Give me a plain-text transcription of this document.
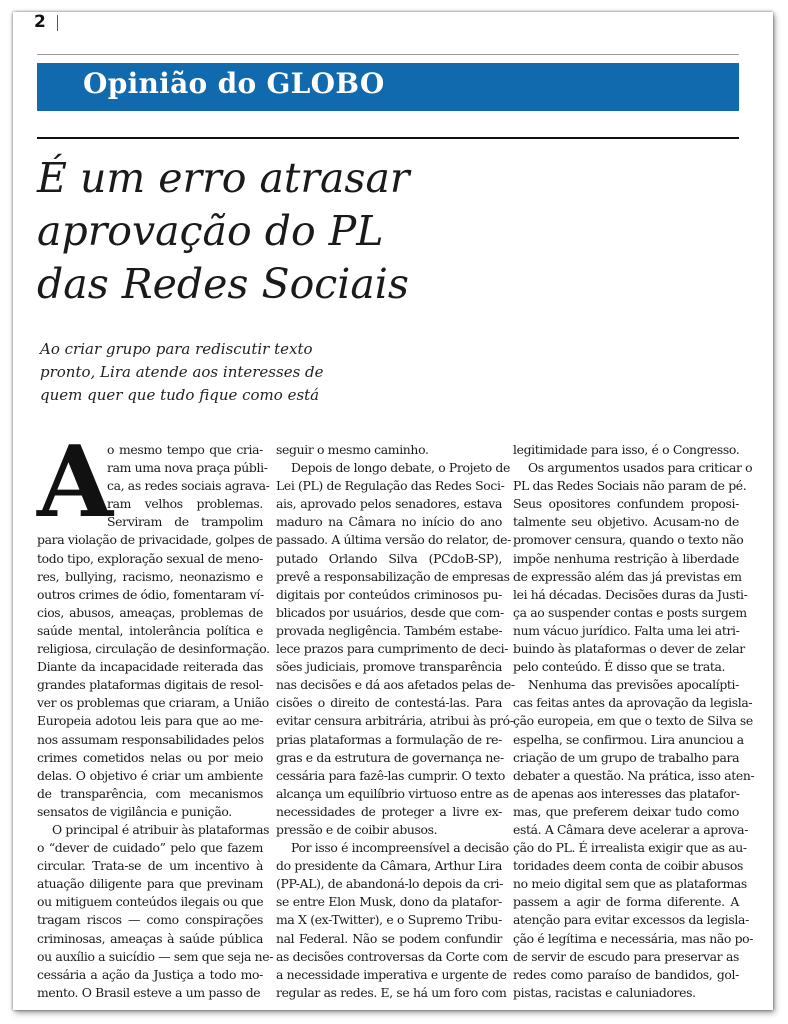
2
Opinião do GLOBO
É um erro atrasar
aprovação do PL
das Redes Sociais
Ao criar grupo para rediscutir texto
pronto, Lira atende aos interesses de
quem quer que tudo fique como está
A

o mesmo tempo que cria-
ram uma nova praça públi-
ca, as redes sociais agrava-
ram velhos problemas.
Serviram de trampolim
para violação de privacidade, golpes de
todo tipo, exploração sexual de meno-
res, bullying, racismo, neonazismo e
outros crimes de ódio, fomentaram ví-
cios, abusos, ameaças, problemas de
saúde mental, intolerância política e
religiosa, circulação de desinformação.
Diante da incapacidade reiterada das
grandes plataformas digitais de resol-
ver os problemas que criaram, a União
Europeia adotou leis para que ao me-
nos assumam responsabilidades pelos
crimes cometidos nelas ou por meio
delas. O objetivo é criar um ambiente
de transparência, com mecanismos
sensatos de vigilância e punição.

O principal é atribuir às plataformas
o “dever de cuidado” pelo que fazem
circular. Trata-se de um incentivo à
atuação diligente para que previnam
ou mitiguem conteúdos ilegais ou que
tragam riscos — como conspirações
criminosas, ameaças à saúde pública
ou auxílio a suicídio — sem que seja ne-
cessária a ação da Justiça a todo mo-
mento. O Brasil esteve a um passo de

seguir o mesmo caminho.

Depois de longo debate, o Projeto de
Lei (PL) de Regulação das Redes Soci-
ais, aprovado pelos senadores, estava
maduro na Câmara no início do ano
passado. A última versão do relator, de-
putado Orlando Silva (PCdoB-SP),
prevê a responsabilização de empresas
digitais por conteúdos criminosos pu-
blicados por usuários, desde que com-
provada negligência. Também estabe-
lece prazos para cumprimento de deci-
sões judiciais, promove transparência
nas decisões e dá aos afetados pelas de-
cisões o direito de contestá-las. Para
evitar censura arbitrária, atribui às pró-
prias plataformas a formulação de re-
gras e da estrutura de governança ne-
cessária para fazê-las cumprir. O texto
alcança um equilíbrio virtuoso entre as
necessidades de proteger a livre ex-
pressão e de coibir abusos.

Por isso é incompreensível a decisão
do presidente da Câmara, Arthur Lira
(PP-AL), de abandoná-lo depois da cri-
se entre Elon Musk, dono da platafor-
ma X (ex-Twitter), e o Supremo Tribu-
nal Federal. Não se podem confundir
as decisões controversas da Corte com
a necessidade imperativa e urgente de
regular as redes. E, se há um foro com

legitimidade para isso, é o Congresso.

Os argumentos usados para criticar o
PL das Redes Sociais não param de pé.
Seus opositores confundem proposi-
talmente seu objetivo. Acusam-no de
promover censura, quando o texto não
impõe nenhuma restrição à liberdade
de expressão além das já previstas em
lei há décadas. Decisões duras da Justi-
ça ao suspender contas e posts surgem
num vácuo jurídico. Falta uma lei atri-
buindo às plataformas o dever de zelar
pelo conteúdo. É disso que se trata.

Nenhuma das previsões apocalípti-
cas feitas antes da aprovação da legisla-
ção europeia, em que o texto de Silva se
espelha, se confirmou. Lira anunciou a
criação de um grupo de trabalho para
debater a questão. Na prática, isso aten-
de apenas aos interesses das platafor-
mas, que preferem deixar tudo como
está. A Câmara deve acelerar a aprova-
ção do PL. É irrealista exigir que as au-
toridades deem conta de coibir abusos
no meio digital sem que as plataformas
passem a agir de forma diferente. A
atenção para evitar excessos da legisla-
ção é legítima e necessária, mas não po-
de servir de escudo para preservar as
redes como paraíso de bandidos, gol-
pistas, racistas e caluniadores.
